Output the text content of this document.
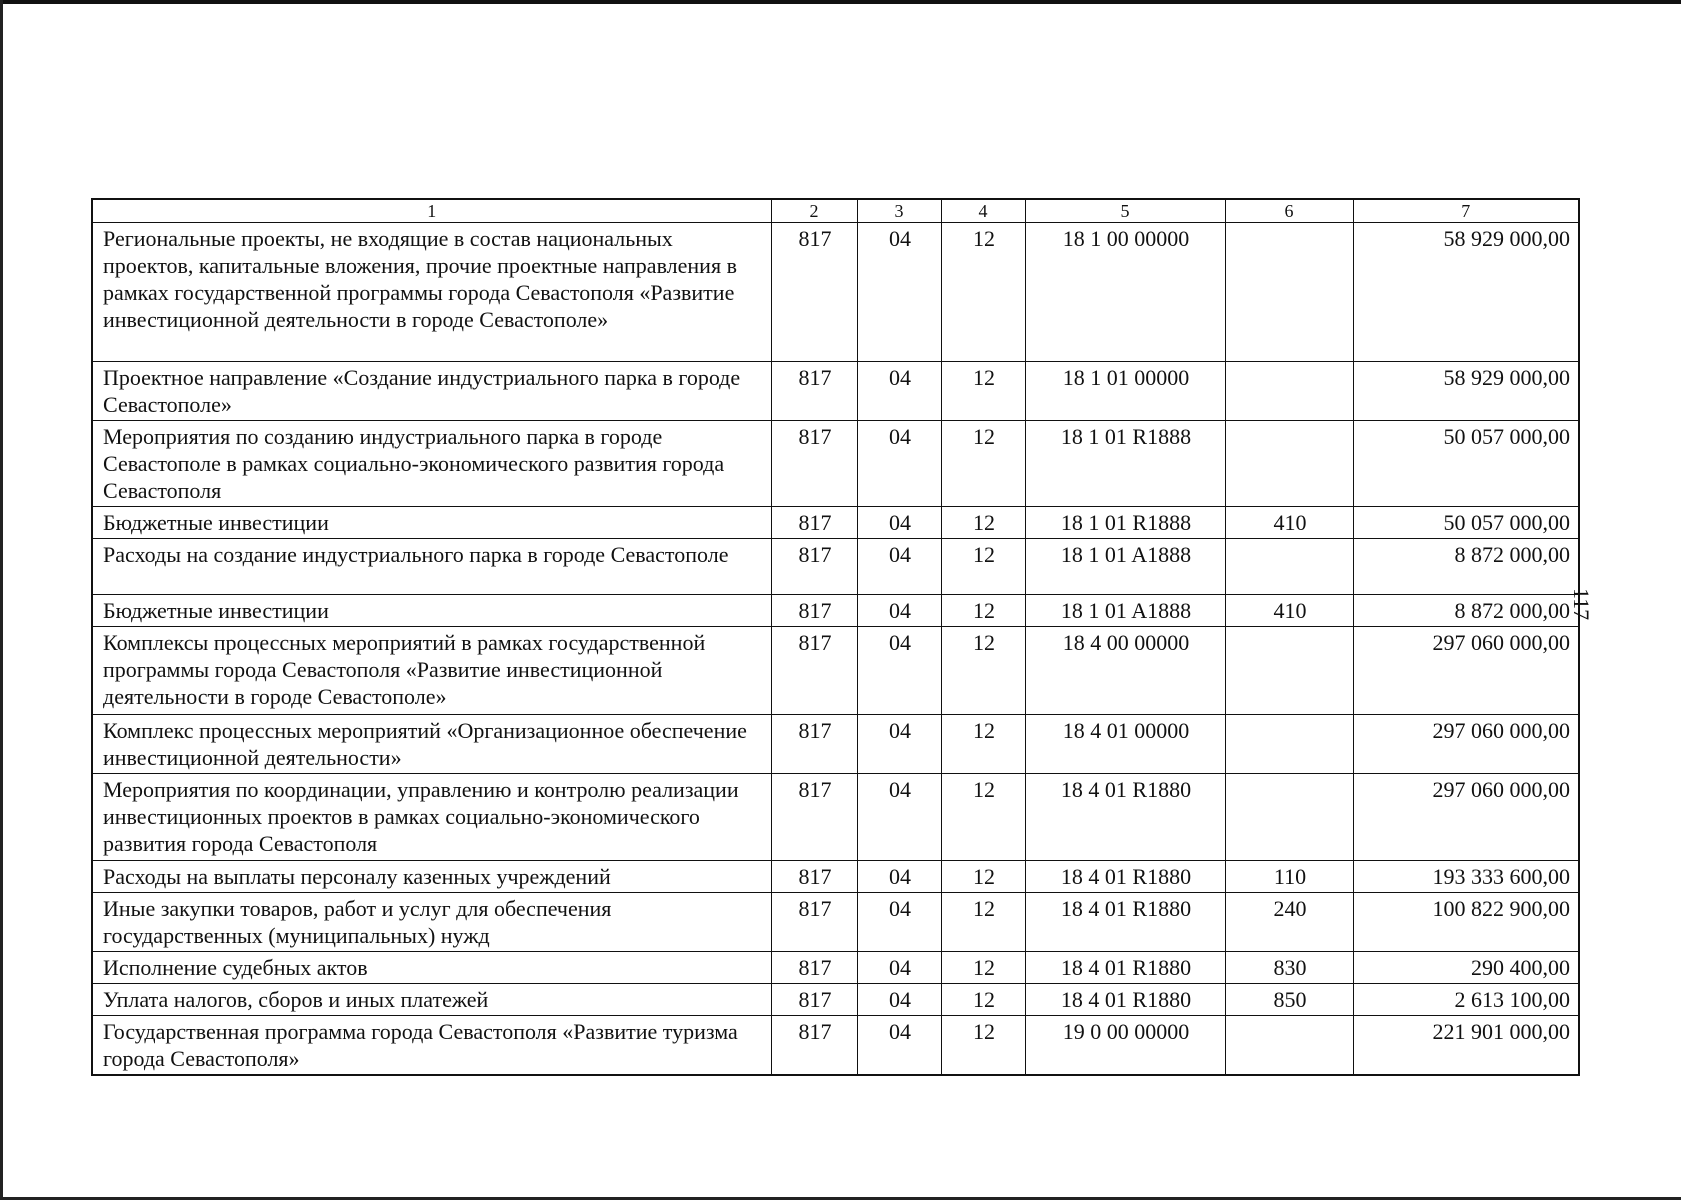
117
1	2	3	4	5	6	7
Региональные проекты, не входящие в состав национальных проектов, капитальные вложения, прочие проектные направления в рамках государственной программы города Севастополя «Развитие инвестиционной деятельности в городе Севастополе»	817	04	12	18 1 00 00000		58 929 000,00
Проектное направление «Создание индустриального парка в городе Севастополе»	817	04	12	18 1 01 00000		58 929 000,00
Мероприятия по созданию индустриального парка в городе Севастополе в рамках социально-экономического развития города Севастополя	817	04	12	18 1 01 R1888		50 057 000,00
Бюджетные инвестиции	817	04	12	18 1 01 R1888	410	50 057 000,00
Расходы на создание индустриального парка в городе Севастополе	817	04	12	18 1 01 A1888		8 872 000,00
Бюджетные инвестиции	817	04	12	18 1 01 A1888	410	8 872 000,00
Комплексы процессных мероприятий в рамках государственной программы города Севастополя «Развитие инвестиционной деятельности в городе Севастополе»	817	04	12	18 4 00 00000		297 060 000,00
Комплекс процессных мероприятий «Организационное обеспечение инвестиционной деятельности»	817	04	12	18 4 01 00000		297 060 000,00
Мероприятия по координации, управлению и контролю реализации инвестиционных проектов в рамках социально-экономического развития города Севастополя	817	04	12	18 4 01 R1880		297 060 000,00
Расходы на выплаты персоналу казенных учреждений	817	04	12	18 4 01 R1880	110	193 333 600,00
Иные закупки товаров, работ и услуг для обеспечения государственных (муниципальных) нужд	817	04	12	18 4 01 R1880	240	100 822 900,00
Исполнение судебных актов	817	04	12	18 4 01 R1880	830	290 400,00
Уплата налогов, сборов и иных платежей	817	04	12	18 4 01 R1880	850	2 613 100,00
Государственная программа города Севастополя «Развитие туризма города Севастополя»	817	04	12	19 0 00 00000		221 901 000,00
